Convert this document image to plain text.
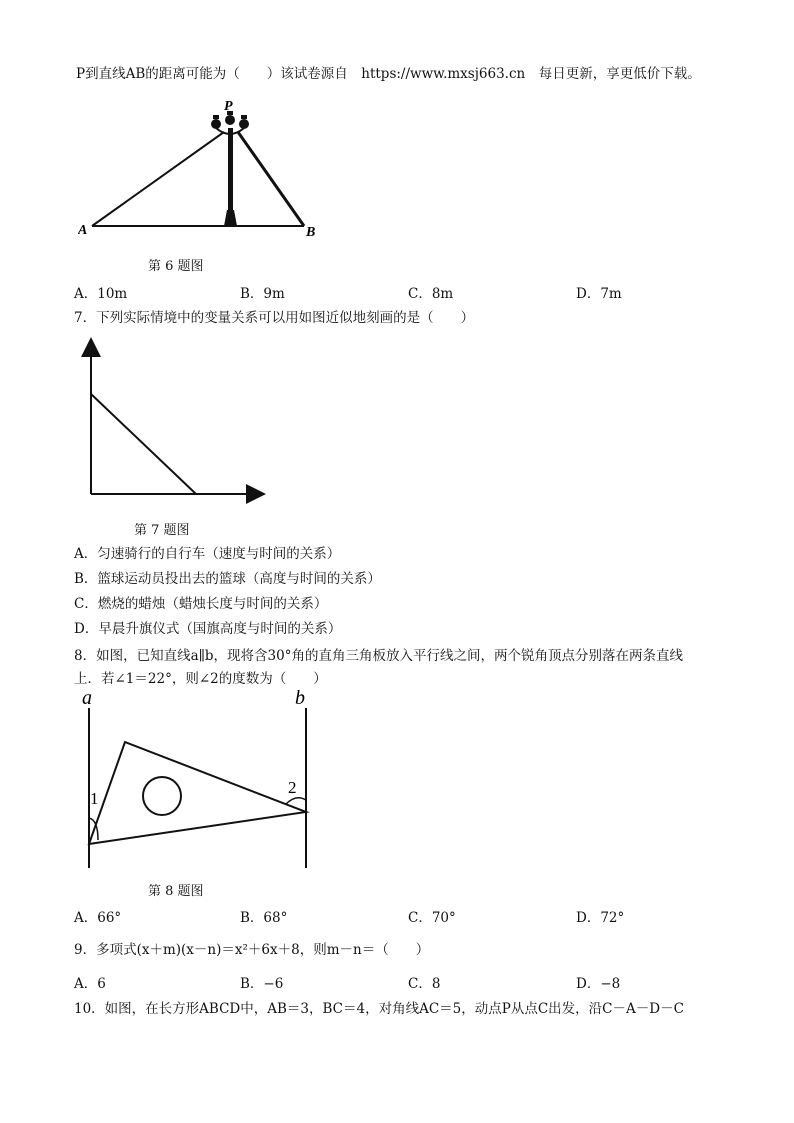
P到直线AB的距离可能为（　　）该试卷源自　https://www.mxsj663.cn　每日更新，享更低价下载。
P
A	B
第 6 题图
A．10m	B．9m	C．8m	D．7m
7．下列实际情境中的变量关系可以用如图近似地刻画的是（　　）
第 7 题图
A．匀速骑行的自行车（速度与时间的关系）
B．篮球运动员投出去的篮球（高度与时间的关系）
C．燃烧的蜡烛（蜡烛长度与时间的关系）
D．早晨升旗仪式（国旗高度与时间的关系）
8．如图，已知直线a∥b，现将含30°角的直角三角板放入平行线之间，两个锐角顶点分别落在两条直线
上．若∠1＝22°，则∠2的度数为（　　）
a	b
1
2
第 8 题图
A．66°	B．68°	C．70°	D．72°
9．多项式(x＋m)(x－n)＝x²＋6x＋8，则m－n＝（　　）
A．6	B．−6	C．8	D．−8
10．如图，在长方形ABCD中，AB＝3，BC＝4，对角线AC＝5，动点P从点C出发，沿C－A－D－C
